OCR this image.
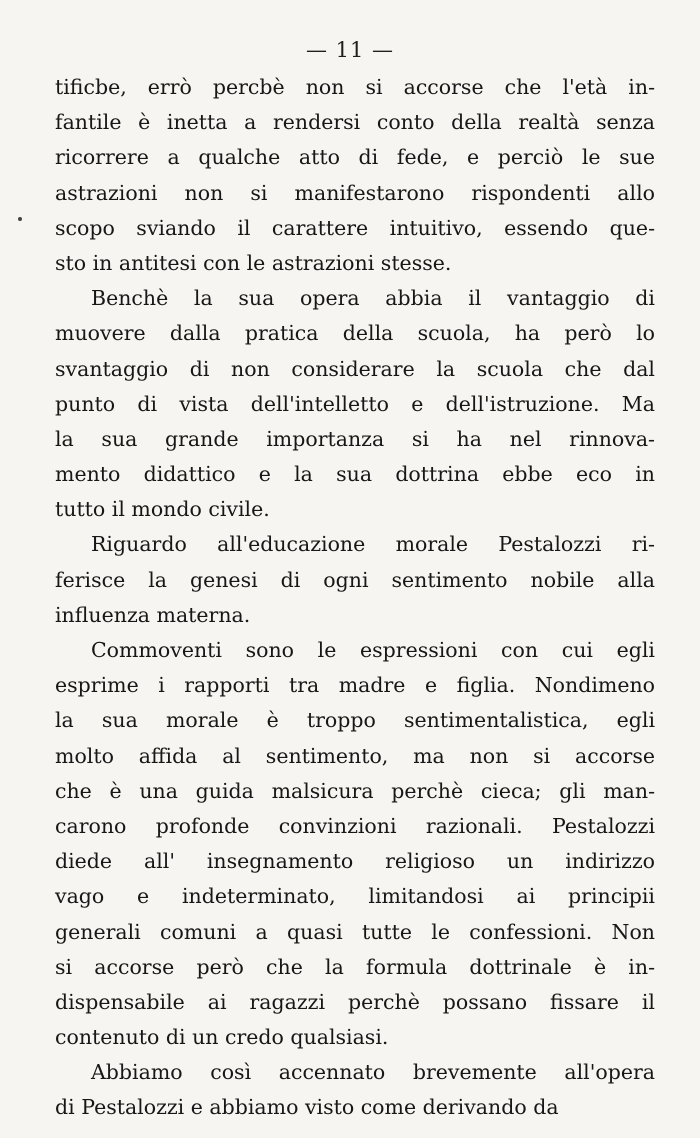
— 11 —
tificbe, errò percbè non si accorse che l'età in-
fantile è inetta a rendersi conto della realtà senza
ricorrere a qualche atto di fede, e perciò le sue
astrazioni non si manifestarono rispondenti allo
scopo sviando il carattere intuitivo, essendo que-
sto in antitesi con le astrazioni stesse.
Benchè la sua opera abbia il vantaggio di
muovere dalla pratica della scuola, ha però lo
svantaggio di non considerare la scuola che dal
punto di vista dell'intelletto e dell'istruzione. Ma
la sua grande importanza si ha nel rinnova-
mento didattico e la sua dottrina ebbe eco in
tutto il mondo civile.
Riguardo all'educazione morale Pestalozzi ri-
ferisce la genesi di ogni sentimento nobile alla
influenza materna.
Commoventi sono le espressioni con cui egli
esprime i rapporti tra madre e figlia. Nondimeno
la sua morale è troppo sentimentalistica, egli
molto affida al sentimento, ma non si accorse
che è una guida malsicura perchè cieca; gli man-
carono profonde convinzioni razionali. Pestalozzi
diede all' insegnamento religioso un indirizzo
vago e indeterminato, limitandosi ai principii
generali comuni a quasi tutte le confessioni. Non
si accorse però che la formula dottrinale è in-
dispensabile ai ragazzi perchè possano fissare il
contenuto di un credo qualsiasi.
Abbiamo così accennato brevemente all'opera
di Pestalozzi e abbiamo visto come derivando da
